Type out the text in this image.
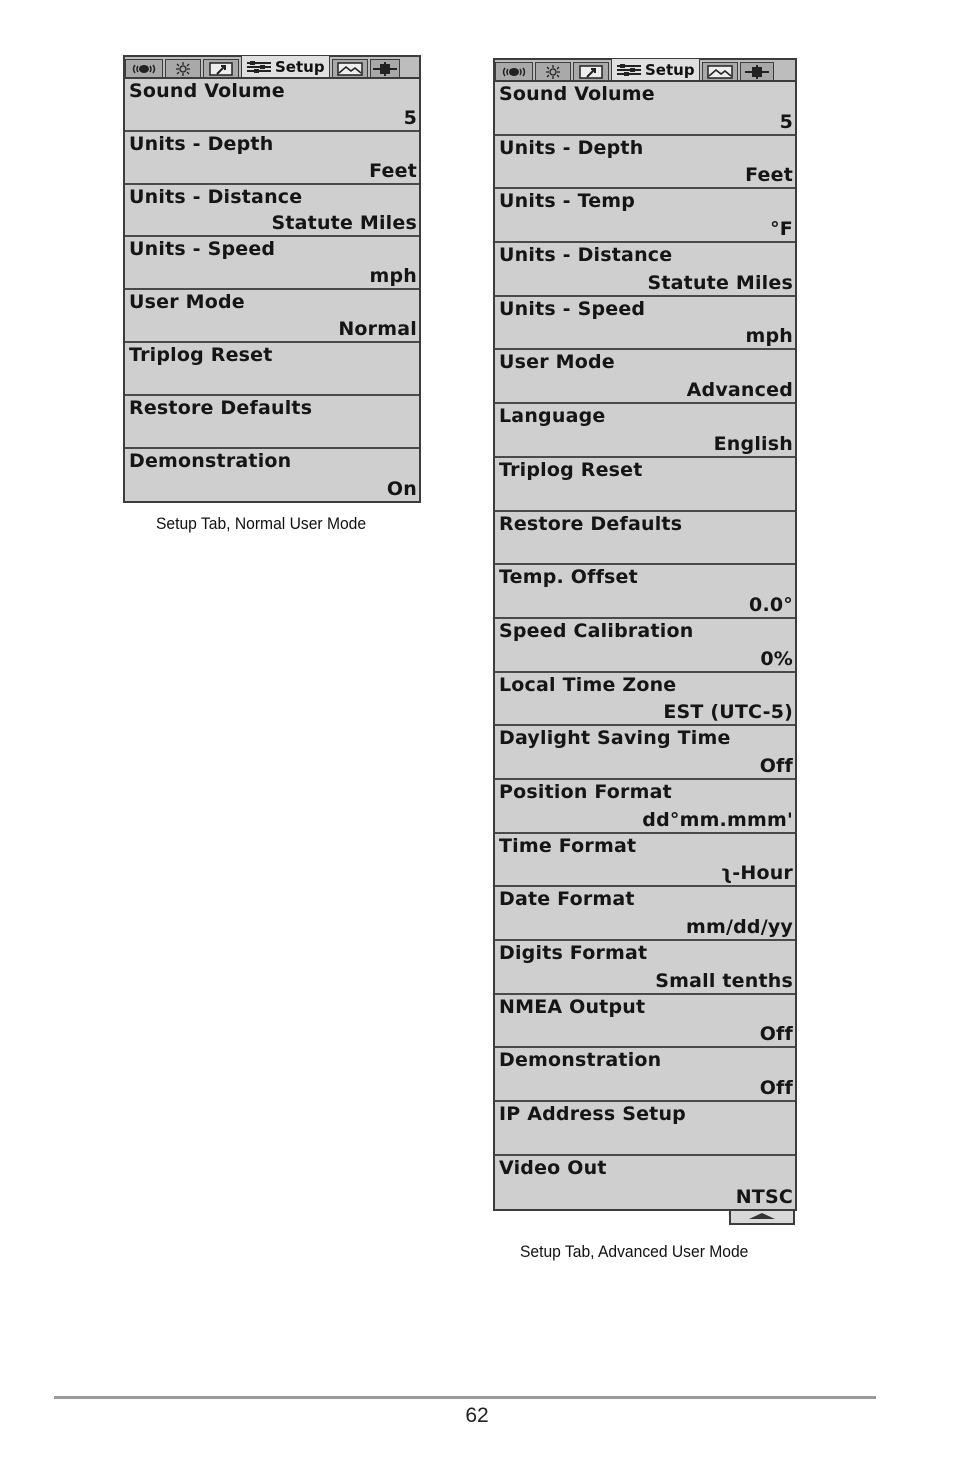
Setup
Sound Volume
5
Units - Depth
Feet
Units - Distance
Statute Miles
Units - Speed
mph
User Mode
Normal
Triplog Reset
Restore Defaults
Demonstration
On
Setup Tab, Normal User Mode
Setup
Sound Volume
5
Units - Depth
Feet
Units - Temp
°F
Units - Distance
Statute Miles
Units - Speed
mph
User Mode
Advanced
Language
English
Triplog Reset
Restore Defaults
Temp. Offset
0.0°
Speed Calibration
0%
Local Time Zone
EST (UTC-5)
Daylight Saving Time
Off
Position Format
dd°mm.mmm'
Time Format
ʅ-Hour
Date Format
mm/dd/yy
Digits Format
Small tenths
NMEA Output
Off
Demonstration
Off
IP Address Setup
Video Out
NTSC
Setup Tab, Advanced User Mode
62
